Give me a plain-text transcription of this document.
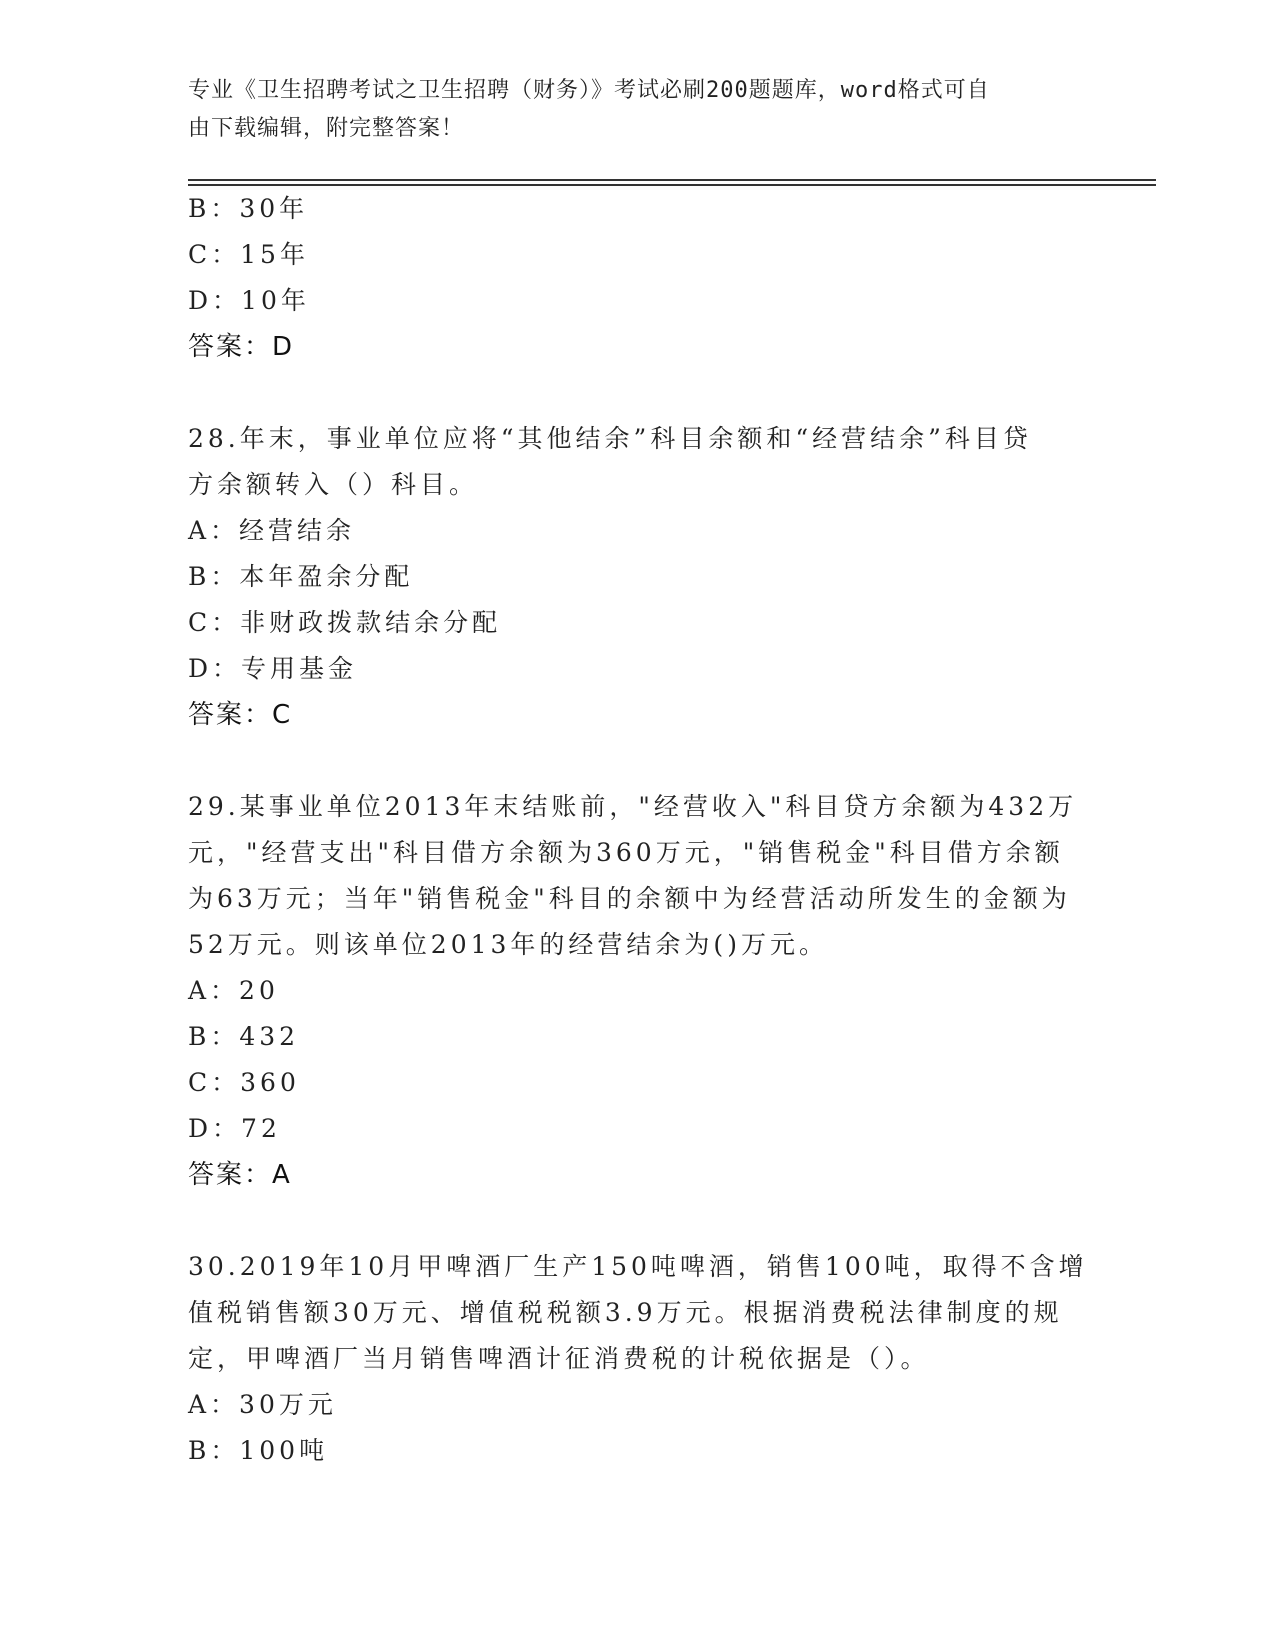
专业《卫生招聘考试之卫生招聘（财务）》考试必刷200题题库，word格式可自
由下载编辑，附完整答案！
B：30年
C：15年
D：10年
答案：D
28.年末，事业单位应将“其他结余”科目余额和“经营结余”科目贷
方余额转入（）科目。
A：经营结余
B：本年盈余分配
C：非财政拨款结余分配
D：专用基金
答案：C
29.某事业单位2013年末结账前，"经营收入"科目贷方余额为432万
元，"经营支出"科目借方余额为360万元，"销售税金"科目借方余额
为63万元；当年"销售税金"科目的余额中为经营活动所发生的金额为
52万元。则该单位2013年的经营结余为()万元。
A：20
B：432
C：360
D：72
答案：A
30.2019年10月甲啤酒厂生产150吨啤酒，销售100吨，取得不含增
值税销售额30万元、增值税税额3.9万元。根据消费税法律制度的规
定，甲啤酒厂当月销售啤酒计征消费税的计税依据是（）。
A：30万元
B：100吨
